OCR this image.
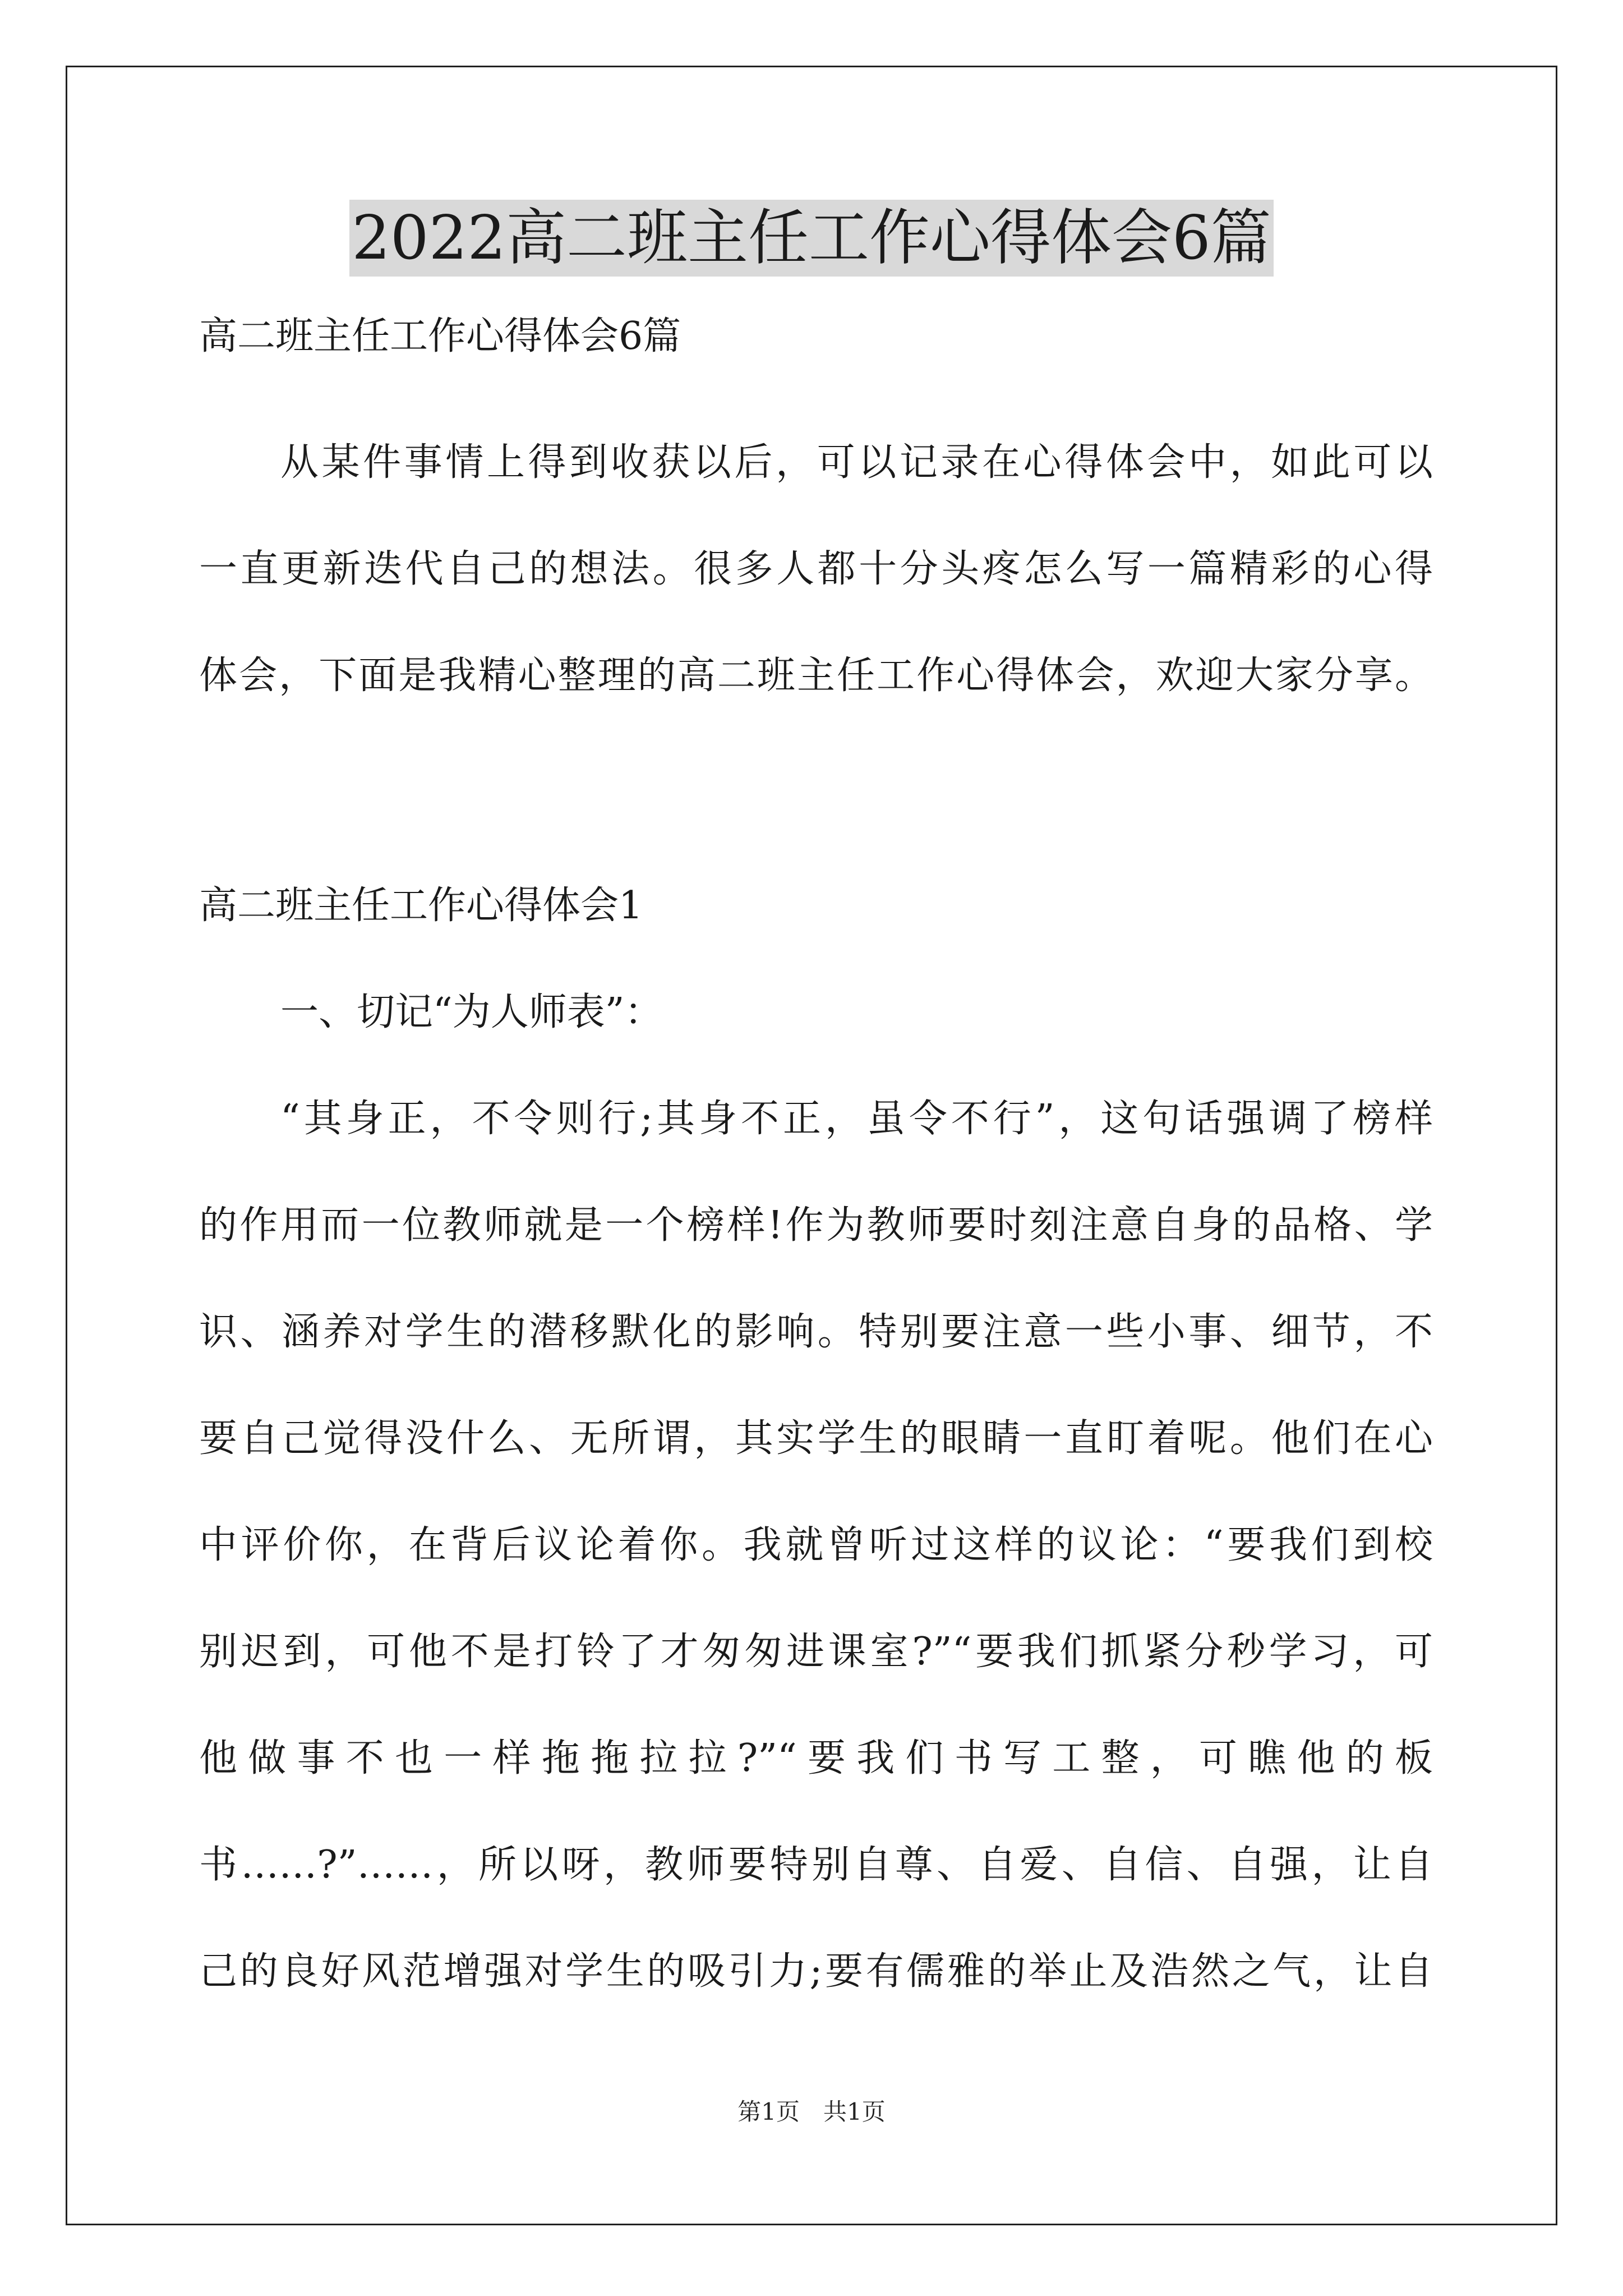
2022高二班主任工作心得体会6篇
高二班主任工作心得体会6篇
从某件事情上得到收获以后，可以记录在心得体会中，如此可以
一直更新迭代自己的想法。很多人都十分头疼怎么写一篇精彩的心得
体会，下面是我精心整理的高二班主任工作心得体会，欢迎大家分享。
高二班主任工作心得体会1
一、切记“为人师表”：
“其身正，不令则行;其身不正，虽令不行”，这句话强调了榜样
的作用而一位教师就是一个榜样!作为教师要时刻注意自身的品格、学
识、涵养对学生的潜移默化的影响。特别要注意一些小事、细节，不
要自己觉得没什么、无所谓，其实学生的眼睛一直盯着呢。他们在心
中评价你，在背后议论着你。我就曾听过这样的议论：“要我们到校
别迟到，可他不是打铃了才匆匆进课室?”“要我们抓紧分秒学习，可
他做事不也一样拖拖拉拉?”“要我们书写工整，可瞧他的板
书……?”……，所以呀，教师要特别自尊、自爱、自信、自强，让自
己的良好风范增强对学生的吸引力;要有儒雅的举止及浩然之气，让自
第1页　共1页
